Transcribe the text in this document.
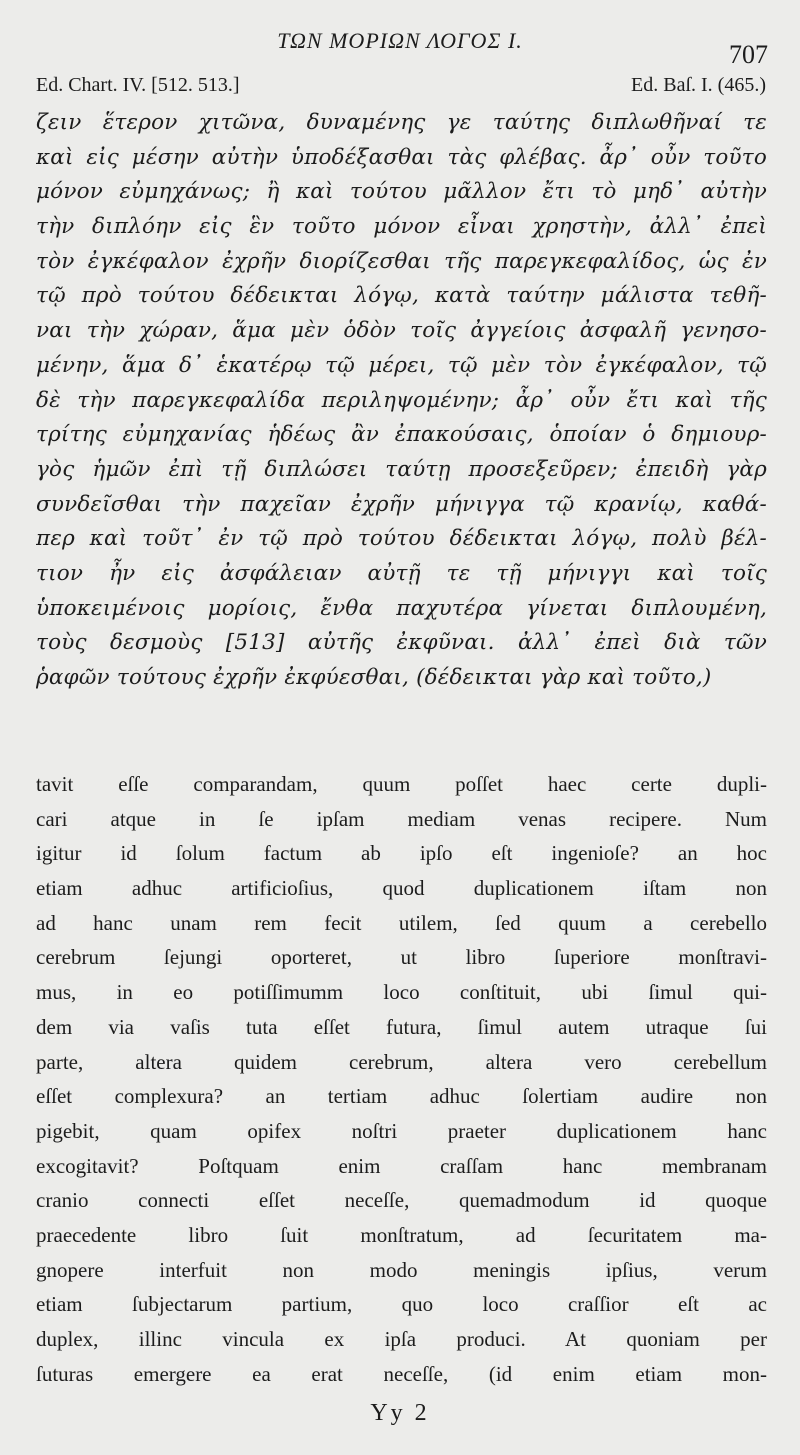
ΤΩΝ ΜΟΡΙΩΝ ΛΟΓΟΣ Ι.	707
Ed. Chart. IV. [512. 513.]	Ed. Baſ. I. (465.)
ζειν ἕτερον χιτῶνα, δυναμένης γε ταύτης διπλωθῆναί τε
καὶ εἰς μέσην αὐτὴν ὑποδέξασθαι τὰς φλέβας. ἆρ᾽ οὖν τοῦτο
μόνον εὐμηχάνως; ἢ καὶ τούτου μᾶλλον ἔτι τὸ μηδ᾽ αὐτὴν
τὴν διπλόην εἰς ἓν τοῦτο μόνον εἶναι χρηστὴν, ἀλλ᾽ ἐπεὶ
τὸν ἐγκέφαλον ἐχρῆν διορίζεσθαι τῆς παρεγκεφαλίδος, ὡς ἐν
τῷ πρὸ τούτου δέδεικται λόγῳ, κατὰ ταύτην μάλιστα τεθῆ-
ναι τὴν χώραν, ἅμα μὲν ὁδὸν τοῖς ἀγγείοις ἀσφαλῆ γενησο-
μένην, ἅμα δ᾽ ἑκατέρῳ τῷ μέρει, τῷ μὲν τὸν ἐγκέφαλον, τῷ
δὲ τὴν παρεγκεφαλίδα περιληψομένην; ἆρ᾽ οὖν ἔτι καὶ τῆς
τρίτης εὐμηχανίας ἡδέως ἂν ἐπακούσαις, ὁποίαν ὁ δημιουρ-
γὸς ἡμῶν ἐπὶ τῇ διπλώσει ταύτῃ προσεξεῦρεν; ἐπειδὴ γὰρ
συνδεῖσθαι τὴν παχεῖαν ἐχρῆν μήνιγγα τῷ κρανίῳ, καθά-
περ καὶ τοῦτ᾽ ἐν τῷ πρὸ τούτου δέδεικται λόγῳ, πολὺ βέλ-
τιον ἦν εἰς ἀσφάλειαν αὐτῇ τε τῇ μήνιγγι καὶ τοῖς
ὑποκειμένοις μορίοις, ἔνθα παχυτέρα γίνεται διπλουμένη,
τοὺς δεσμοὺς [513] αὐτῆς ἐκφῦναι. ἀλλ᾽ ἐπεὶ διὰ τῶν
ῥαφῶν τούτους ἐχρῆν ἐκφύεσθαι, (δέδεικται γὰρ καὶ τοῦτο,)
tavit eſſe comparandam, quum poſſet haec certe dupli-
cari atque in ſe ipſam mediam venas recipere. Num
igitur id ſolum factum ab ipſo eſt ingenioſe? an hoc
etiam adhuc artificioſius, quod duplicationem iſtam non
ad hanc unam rem fecit utilem, ſed quum a cerebello
cerebrum ſejungi oporteret, ut libro ſuperiore monſtravi-
mus, in eo potiſſimumm loco conſtituit, ubi ſimul qui-
dem via vaſis tuta eſſet futura, ſimul autem utraque ſui
parte, altera quidem cerebrum, altera vero cerebellum
eſſet complexura? an tertiam adhuc ſolertiam audire non
pigebit, quam opifex noſtri praeter duplicationem hanc
excogitavit? Poſtquam enim craſſam hanc membranam
cranio connecti eſſet neceſſe, quemadmodum id quoque
praecedente libro ſuit monſtratum, ad ſecuritatem ma-
gnopere interfuit non modo meningis ipſius, verum
etiam ſubjectarum partium, quo loco craſſior eſt ac
duplex, illinc vincula ex ipſa produci. At quoniam per
ſuturas emergere ea erat neceſſe, (id enim etiam mon-
Yy 2
